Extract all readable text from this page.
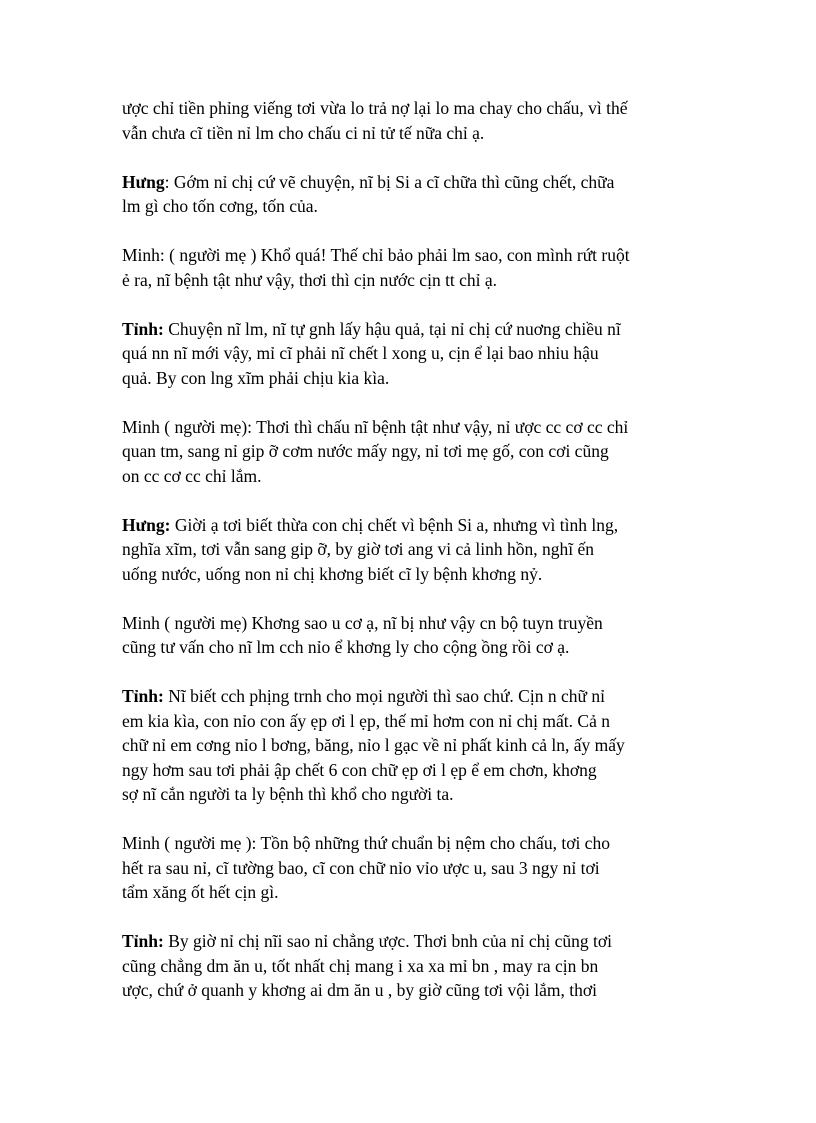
ược chỉ tiền phỉng viếng tơi vừa lo trả nợ lại lo ma chay cho chấu, vì thế
vẫn chưa cĩ tiền nỉ lm cho chấu ci nỉ tử tế nữa chỉ ạ.

Hưng: Gớm nỉ chị cứ vẽ chuyện, nĩ bị Si a cĩ chữa thì cũng chết, chữa
lm gì cho tốn cơng, tốn của.

Minh: ( người mẹ ) Khổ quá! Thế chỉ bảo phải lm sao, con mình rứt ruột
ẻ ra, nĩ bệnh tật như vậy, thơi thì cịn nước cịn tt chỉ ạ.

Tỉnh: Chuyện nĩ lm, nĩ tự gnh lấy hậu quả, tại nỉ chị cứ nuơng chiều nĩ
quá nn nĩ mới vậy, mỉ cĩ phải nĩ chết l xong u, cịn ể lại bao nhiu hậu
quả. By con lng xĩm phải chịu kia kìa.

Minh ( người mẹ): Thơi thì chấu nĩ bệnh tật như vậy, nỉ ược cc cơ cc chỉ
quan tm, sang nỉ gip ỡ cơm nước mấy ngy, nỉ tơi mẹ gố, con cơi cũng
on cc cơ cc chỉ lắm.

Hưng: Giời ạ tơi biết thừa con chị chết vì bệnh Si a, nhưng vì tình lng,
nghĩa xĩm, tơi vẫn sang gip ỡ, by giờ tơi ang vi cả linh hồn, nghĩ ến
uống nước, uống non nỉ chị khơng biết cĩ ly bệnh khơng nỷ.

Minh ( người mẹ) Khơng sao u cơ ạ, nĩ bị như vậy cn bộ tuyn truyền
cũng tư vấn cho nĩ lm cch nỉo ể khơng ly cho cộng ồng rồi cơ ạ.

Tỉnh: Nĩ biết cch phịng trnh cho mọi người thì sao chứ. Cịn n chữ nỉ
em kia kìa, con nỉo con ấy ẹp ơi l ẹp, thế mỉ hơm con nỉ chị mất. Cả n
chữ nỉ em cơng nỉo l bơng, băng, nỉo l gạc về nỉ phất kinh cả ln, ấy mấy
ngy hơm sau tơi phải ập chết 6 con chữ ẹp ơi l ẹp ể em chơn, khơng
sợ nĩ cắn người ta ly bệnh thì khổ cho người ta.

Minh ( người mẹ ): Tồn bộ những thứ chuẩn bị nệm cho chấu, tơi cho
hết ra sau nỉ, cĩ tường bao, cĩ con chữ nỉo vỉo ược u, sau 3 ngy nỉ tơi
tẩm xăng ốt hết cịn gì.

Tỉnh: By giờ nỉ chị nĩi sao nỉ chẳng ược. Thơi bnh của nỉ chị cũng tơi
cũng chẳng dm ăn u, tốt nhất chị mang i xa xa mỉ bn , may ra cịn bn
ược, chứ ở quanh y khơng ai dm ăn u , by giờ cũng tơi vội lắm, thơi
